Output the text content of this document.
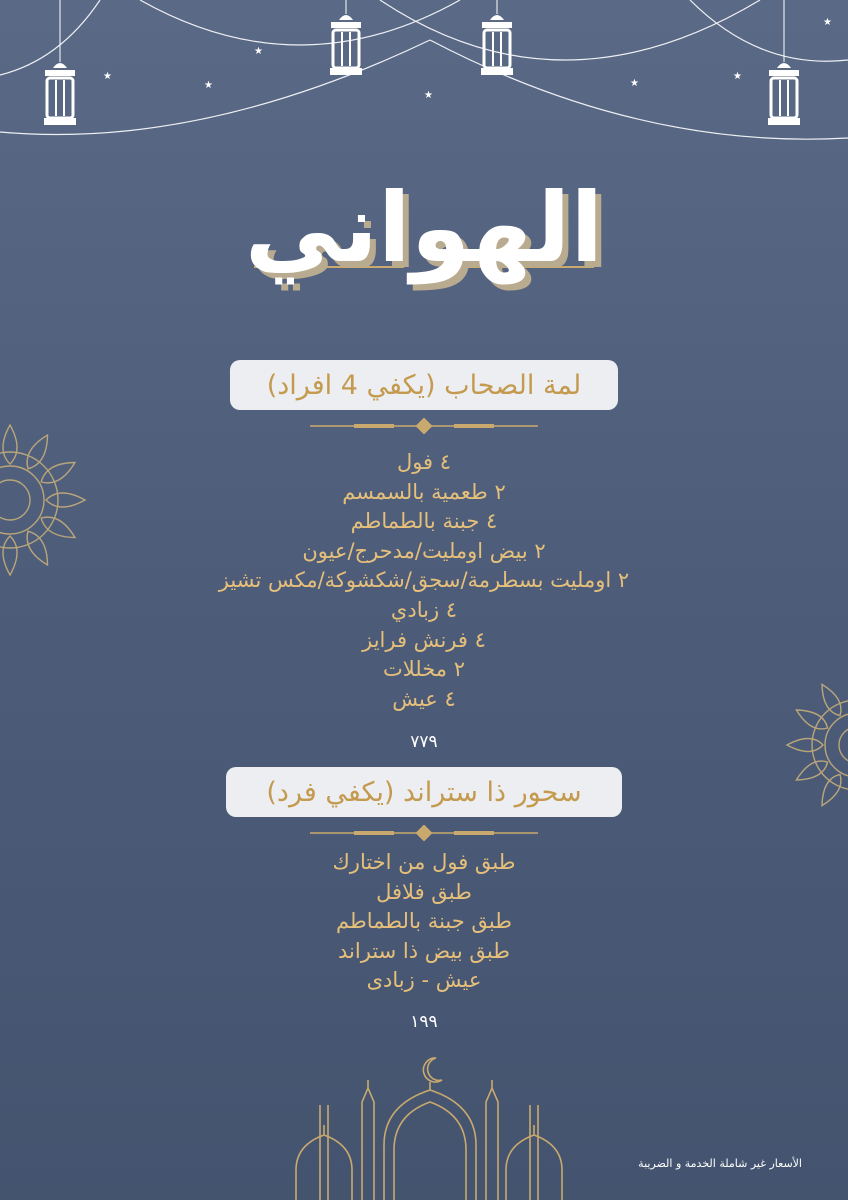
★
★
★
★
★
★
★
الهواني
لمة الصحاب (يكفي 4 افراد)
٤ فول
٢ طعمية بالسمسم
٤ جبنة بالطماطم
٢ بيض اومليت/مدحرج/عيون
٢ اومليت بسطرمة/سجق/شكشوكة/مكس تشيز
٤ زبادي
٤ فرنش فرايز
٢ مخللات
٤ عيش
٧٧٩
سحور ذا ستراند (يكفي فرد)
طبق فول من اختارك
طبق فلافل
طبق جبنة بالطماطم
طبق بيض ذا ستراند
عيش - زبادى
١٩٩
الأسعار غير شاملة الخدمة و الضريبة
